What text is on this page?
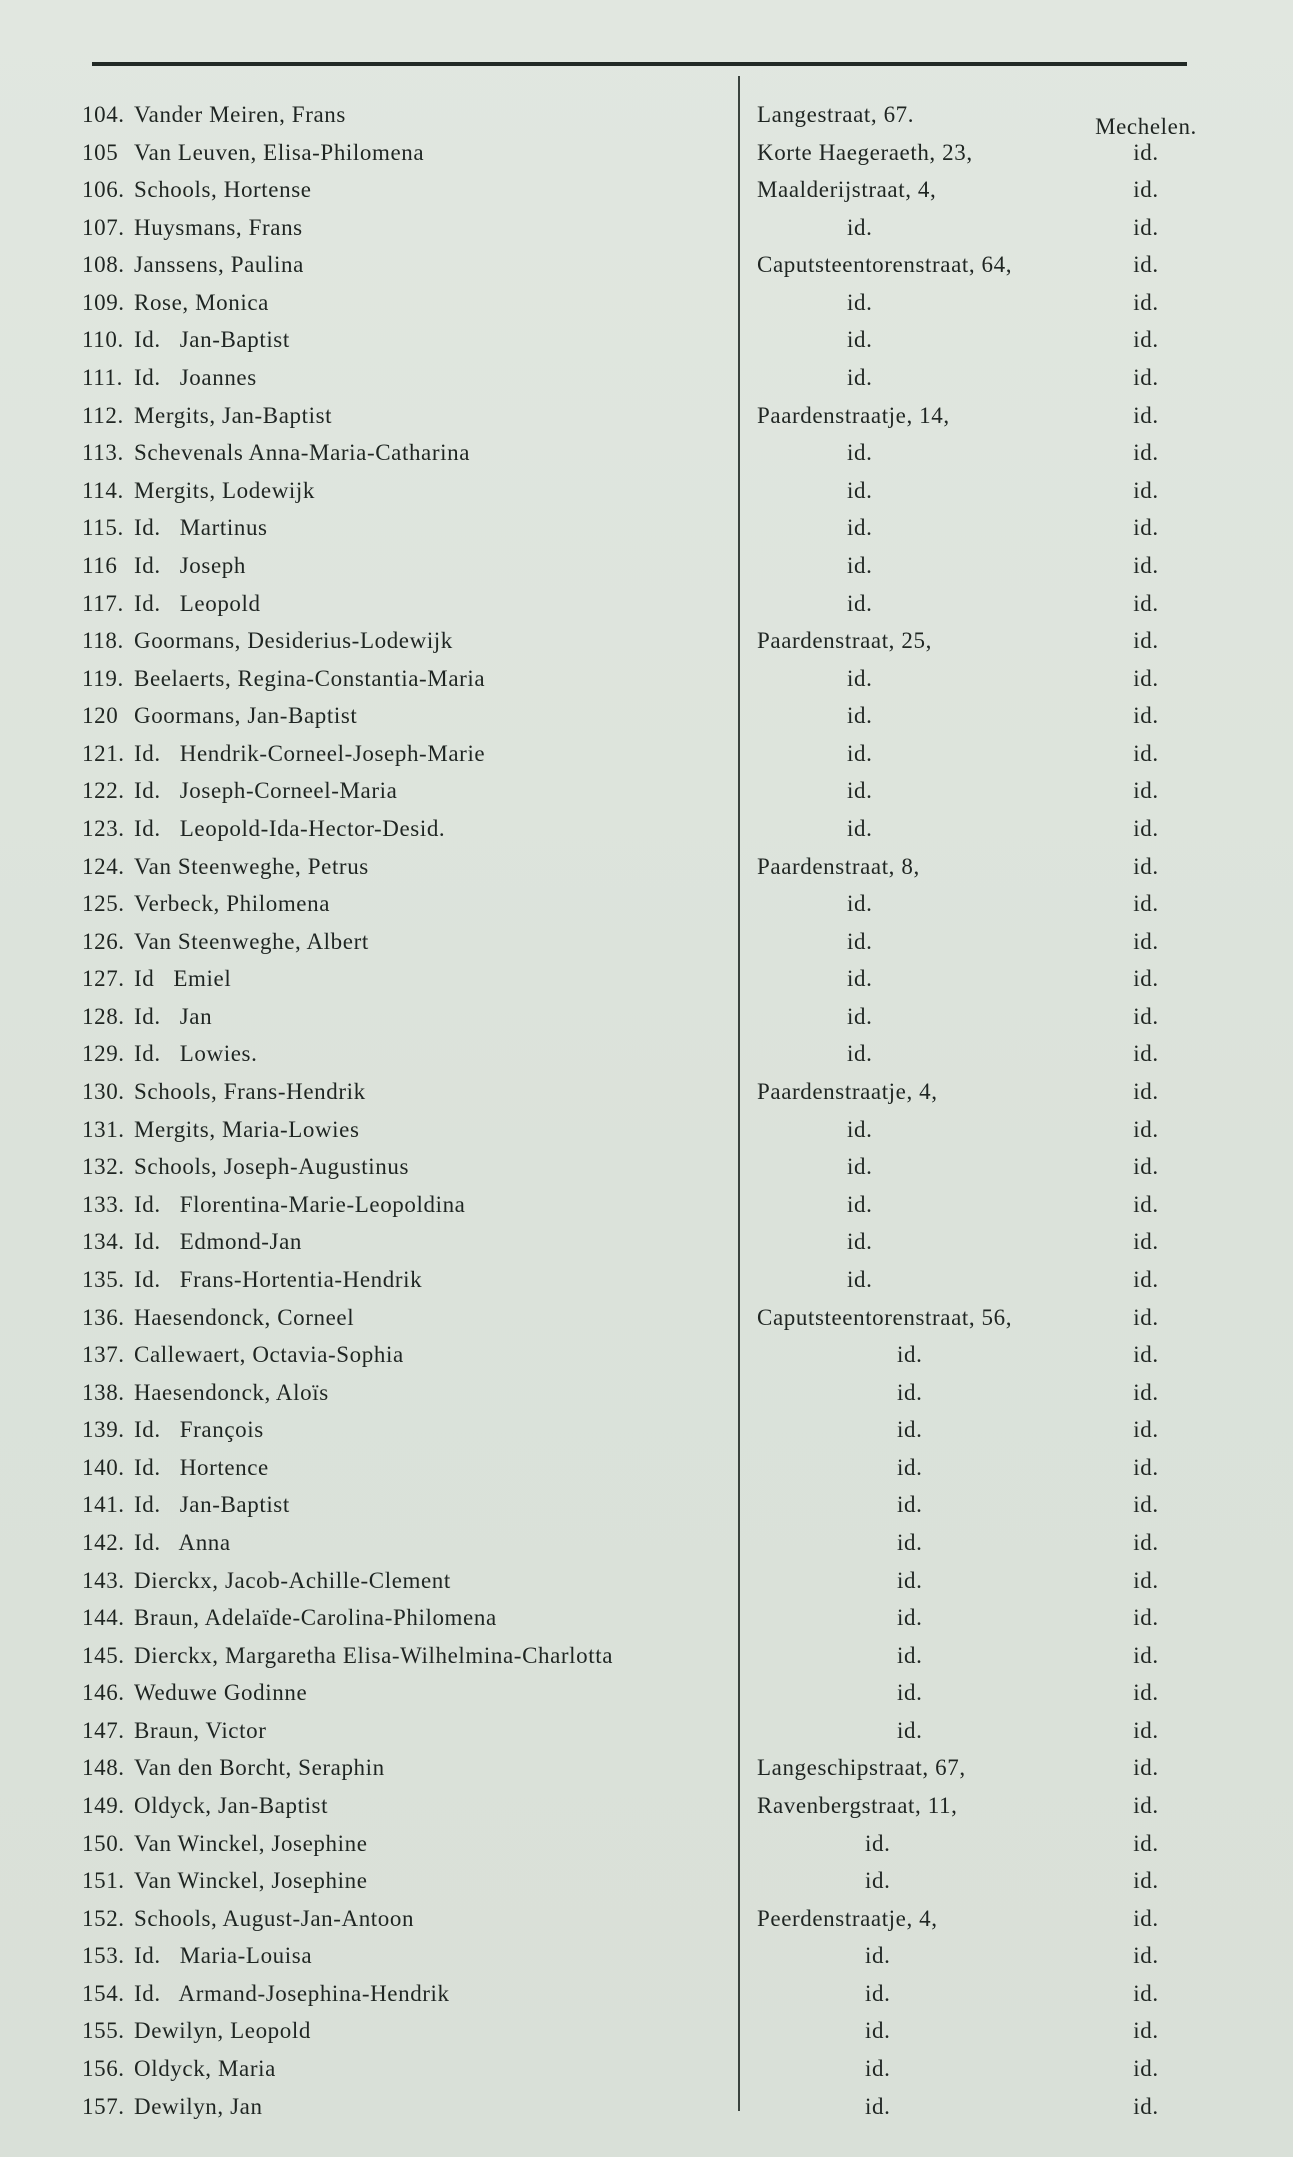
104. Vander Meiren, Frans	Langestraat, 67.	Mechelen.
105 Van Leuven, Elisa-Philomena	Korte Haegeraeth, 23,	id.
106. Schools, Hortense	Maalderijstraat, 4,	id.
107. Huysmans, Frans	id.	id.
108. Janssens, Paulina	Caputsteentorenstraat, 64,	id.
109. Rose, Monica	id.	id.
110. Id.   Jan-Baptist	id.	id.
111. Id.   Joannes	id.	id.
112. Mergits, Jan-Baptist	Paardenstraatje, 14,	id.
113. Schevenals Anna-Maria-Catharina	id.	id.
114. Mergits, Lodewijk	id.	id.
115. Id.   Martinus	id.	id.
116 Id.   Joseph	id.	id.
117. Id.   Leopold	id.	id.
118. Goormans, Desiderius-Lodewijk	Paardenstraat, 25,	id.
119. Beelaerts, Regina-Constantia-Maria	id.	id.
120 Goormans, Jan-Baptist	id.	id.
121. Id.   Hendrik-Corneel-Joseph-Marie	id.	id.
122. Id.   Joseph-Corneel-Maria	id.	id.
123. Id.   Leopold-Ida-Hector-Desid.	id.	id.
124. Van Steenweghe, Petrus	Paardenstraat, 8,	id.
125. Verbeck, Philomena	id.	id.
126. Van Steenweghe, Albert	id.	id.
127. Id   Emiel	id.	id.
128. Id.   Jan	id.	id.
129. Id.   Lowies.	id.	id.
130. Schools, Frans-Hendrik	Paardenstraatje, 4,	id.
131. Mergits, Maria-Lowies	id.	id.
132. Schools, Joseph-Augustinus	id.	id.
133. Id.   Florentina-Marie-Leopoldina	id.	id.
134. Id.   Edmond-Jan	id.	id.
135. Id.   Frans-Hortentia-Hendrik	id.	id.
136. Haesendonck, Corneel	Caputsteentorenstraat, 56,	id.
137. Callewaert, Octavia-Sophia	id.	id.
138. Haesendonck, Aloïs	id.	id.
139. Id.   François	id.	id.
140. Id.   Hortence	id.	id.
141. Id.   Jan-Baptist	id.	id.
142. Id.   Anna	id.	id.
143. Dierckx, Jacob-Achille-Clement	id.	id.
144. Braun, Adelaïde-Carolina-Philomena	id.	id.
145. Dierckx, Margaretha Elisa-Wilhelmina-Charlotta	id.	id.
146. Weduwe Godinne	id.	id.
147. Braun, Victor	id.	id.
148. Van den Borcht, Seraphin	Langeschipstraat, 67,	id.
149. Oldyck, Jan-Baptist	Ravenbergstraat, 11,	id.
150. Van Winckel, Josephine	id.	id.
151. Van Winckel, Josephine	id.	id.
152. Schools, August-Jan-Antoon	Peerdenstraatje, 4,	id.
153. Id.   Maria-Louisa	id.	id.
154. Id.   Armand-Josephina-Hendrik	id.	id.
155. Dewilyn, Leopold	id.	id.
156. Oldyck, Maria	id.	id.
157. Dewilyn, Jan	id.	id.
